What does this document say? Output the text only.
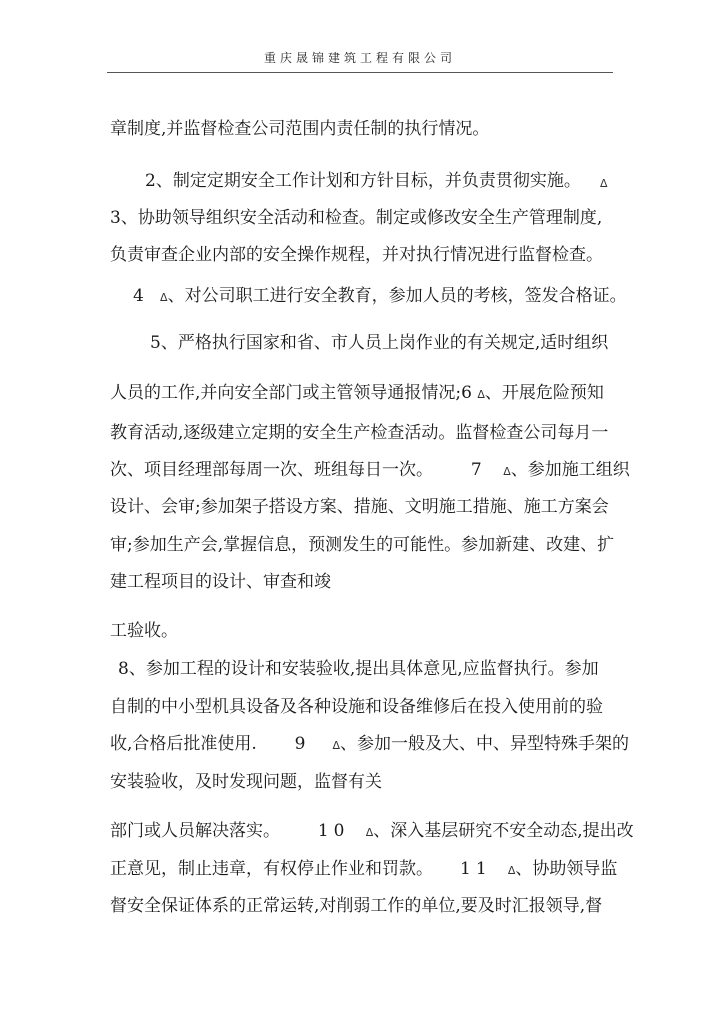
重庆晟锦建筑工程有限公司
章制度,并监督检查公司范围内责任制的执行情况。
2、制定定期安全工作计划和方针目标，并负责贯彻实施。 ᐃ
3、协助领导组织安全活动和检查。制定或修改安全生产管理制度,
负责审查企业内部的安全操作规程，并对执行情况进行监督检查。
4 ᐃ、对公司职工进行安全教育，参加人员的考核，签发合格证。
5、严格执行国家和省、市人员上岗作业的有关规定,适时组织
人员的工作,并向安全部门或主管领导通报情况;6 ᐃ、开展危险预知
教育活动,逐级建立定期的安全生产检查活动。监督检查公司每月一
次、项目经理部每周一次、班组每日一次。 7 ᐃ、参加施工组织
设计、会审;参加架子搭设方案、措施、文明施工措施、施工方案会
审;参加生产会,掌握信息，预测发生的可能性。参加新建、改建、扩
建工程项目的设计、审查和竣
工验收。
8、参加工程的设计和安装验收,提出具体意见,应监督执行。参加
自制的中小型机具设备及各种设施和设备维修后在投入使用前的验
收,合格后批准使用. 9 ᐃ、参加一般及大、中、异型特殊手架的
安装验收，及时发现问题，监督有关
部门或人员解决落实。 10 ᐃ、深入基层研究不安全动态,提出改
正意见，制止违章，有权停止作业和罚款。 11 ᐃ、协助领导监
督安全保证体系的正常运转,对削弱工作的单位,要及时汇报领导,督
